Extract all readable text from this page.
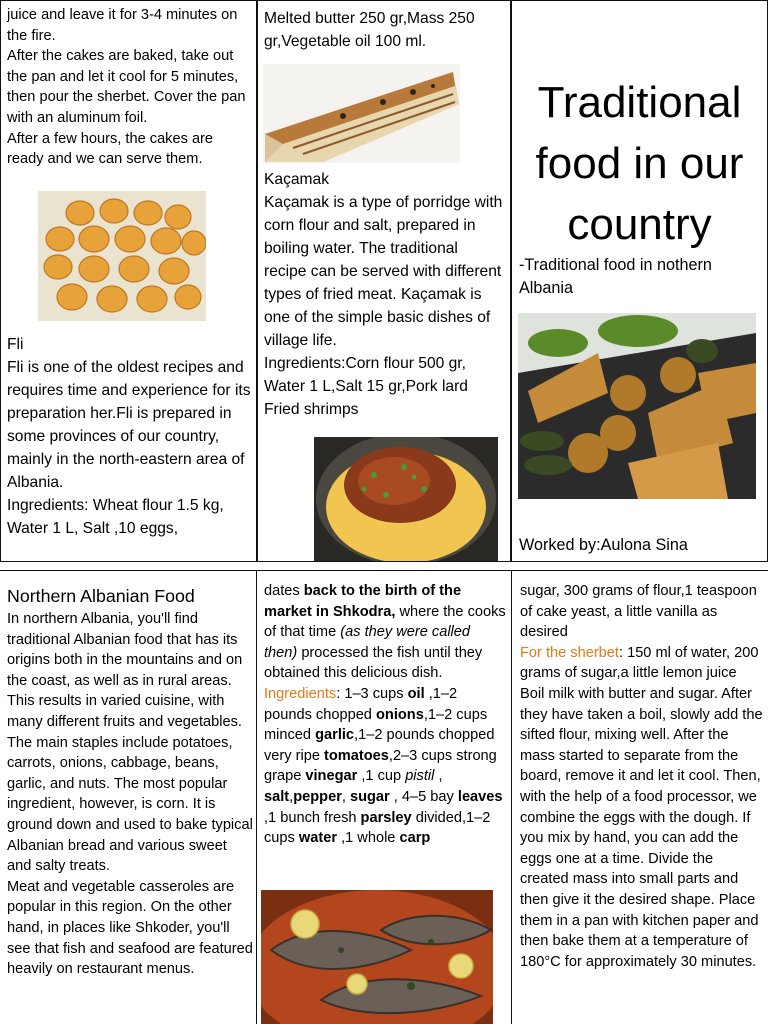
juice and leave it for 3-4 minutes on the fire.

After the cakes are baked, take out the pan and let it cool for 5 minutes, then pour the sherbet. Cover the pan with an aluminum foil.

After a few hours, the cakes are ready and we can serve them.

Fli

Fli is one of the oldest recipes and requires time and experience for its preparation her.Fli is prepared in some provinces of our country, mainly in the north-eastern area of Albania.

Ingredients: Wheat flour 1.5 kg, Water 1 L, Salt ,10 eggs,

Melted butter 250 gr,Mass 250 gr,Vegetable oil 100 ml.

Kaçamak

Kaçamak is a type of porridge with corn flour and salt, prepared in boiling water. The traditional recipe can be served with different types of fried meat. Kaçamak is one of the simple basic dishes of village life.

Ingredients:Corn flour 500 gr, Water 1 L,Salt 15 gr,Pork lard Fried shrimps

Traditional food in our country
-Traditional food in nothern Albania
Worked by:Aulona Sina
Northern Albanian Food

In northern Albania, you'll find traditional Albanian food that has its origins both in the mountains and on the coast, as well as in rural areas. This results in varied cuisine, with many different fruits and vegetables.

The main staples include potatoes, carrots, onions, cabbage, beans, garlic, and nuts. The most popular ingredient, however, is corn. It is ground down and used to bake typical Albanian bread and various sweet and salty treats.

Meat and vegetable casseroles are popular in this region. On the other hand, in places like Shkoder, you'll see that fish and seafood are featured heavily on restaurant menus.

dates back to the birth of the market in Shkodra, where the cooks of that time (as they were called then) processed the fish until they obtained this delicious dish.

Ingredients: 1–3 cups oil ,1–2 pounds chopped onions,1–2 cups minced garlic,1–2 pounds chopped very ripe tomatoes,2–3 cups strong grape vinegar ,1 cup pistil , salt,pepper, sugar , 4–5 bay leaves ,1 bunch fresh parsley divided,1–2 cups water ,1 whole carp

sugar, 300 grams of flour,1 teaspoon of cake yeast, a little vanilla as desired

For the sherbet: 150 ml of water, 200 grams of sugar,a little lemon juice

Boil milk with butter and sugar. After they have taken a boil, slowly add the sifted flour, mixing well. After the mass started to separate from the board, remove it and let it cool. Then, with the help of a food processor, we combine the eggs with the dough. If you mix by hand, you can add the eggs one at a time. Divide the created mass into small parts and then give it the desired shape. Place them in a pan with kitchen paper and then bake them at a temperature of 180°C for approximately 30 minutes.
